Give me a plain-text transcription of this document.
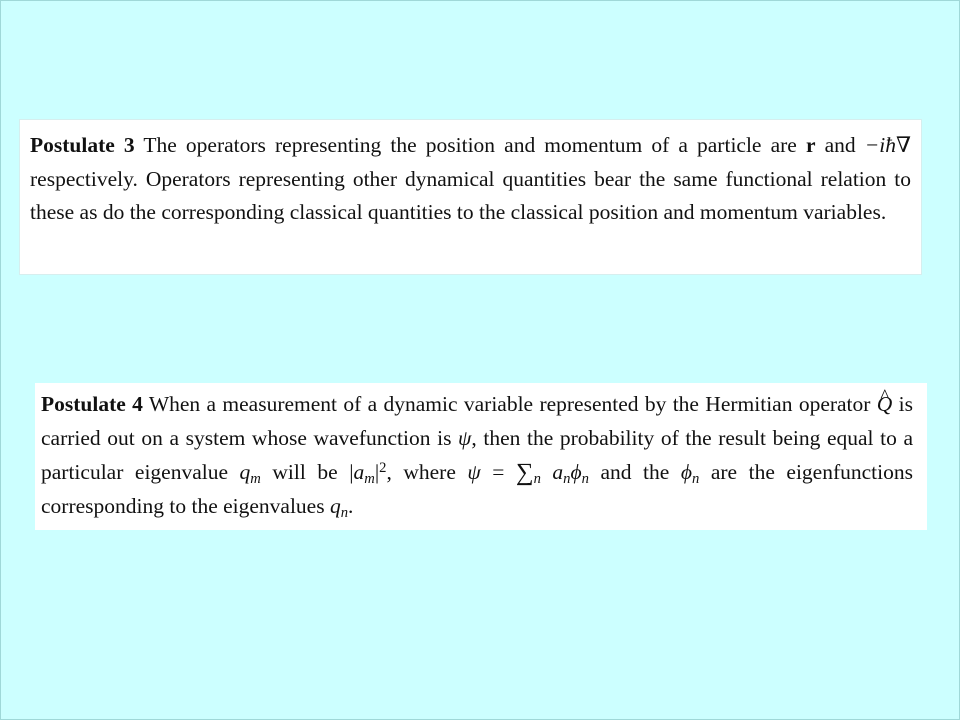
Postulate 3 The operators representing the position and momentum of a particle are r and −iħ∇ respectively. Operators representing other dynamical quantities bear the same functional relation to these as do the corresponding classical quantities to the classical position and momentum variables.

Postulate 4 When a measurement of a dynamic variable represented by the Hermitian operator ^ Q is carried out on a system whose wavefunction is ψ, then the probability of the result being equal to a particular eigenvalue $q_m$ will be $|a_m|^2$, where $\psi = \sum_n$ $a_n\phi_n$ and the $\phi_n$ are the eigenfunctions corresponding to the eigenvalues $q_n$.
